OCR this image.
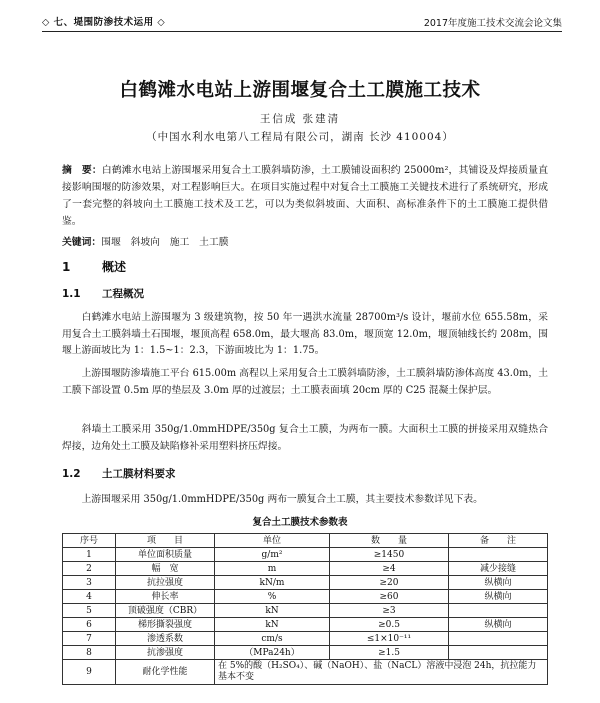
◇ 七、堤围防渗技术运用 ◇	2017年度施工技术交流会论文集
白鹤滩水电站上游围堰复合土工膜施工技术
王信成 张建清
（中国水利水电第八工程局有限公司，湖南 长沙 410004）
摘　要：白鹤滩水电站上游围堰采用复合土工膜斜墙防渗，土工膜铺设面积约 25000m²，其铺设及焊接质量直接影响围堰的防渗效果，对工程影响巨大。在项目实施过程中对复合土工膜施工关键技术进行了系统研究，形成了一套完整的斜坡向土工膜施工技术及工艺，可以为类似斜坡面、大面积、高标准条件下的土工膜施工提供借鉴。
关键词：围堰　斜坡向　施工　土工膜
1	概述
1.1 工程概况
白鹤滩水电站上游围堰为 3 级建筑物，按 50 年一遇洪水流量 28700m³/s 设计，堰前水位 655.58m，采用复合土工膜斜墙土石围堰，堰顶高程 658.0m，最大堰高 83.0m，堰顶宽 12.0m，堰顶轴线长约 208m，围堰上游面坡比为 1：1.5~1：2.3，下游面坡比为 1：1.75。
上游围堰防渗墙施工平台 615.00m 高程以上采用复合土工膜斜墙防渗，土工膜斜墙防渗体高度 43.0m，土工膜下部设置 0.5m 厚的垫层及 3.0m 厚的过渡层；土工膜表面填 20cm 厚的 C25 混凝土保护层。
斜墙土工膜采用 350g/1.0mmHDPE/350g 复合土工膜，为两布一膜。大面积土工膜的拼接采用双缝热合焊接，边角处土工膜及缺陷修补采用塑料挤压焊接。
1.2 土工膜材料要求
上游围堰采用 350g/1.0mmHDPE/350g 两布一膜复合土工膜，其主要技术参数详见下表。
复合土工膜技术参数表
序号	项　　目	单位	数　　量	备　　注
1	单位面积质量	g/m²	≥1450	
2	幅　宽	m	≥4	减少接缝
3	抗拉强度	kN/m	≥20	纵横向
4	伸长率	%	≥60	纵横向
5	顶破强度（CBR）	kN	≥3	
6	梯形撕裂强度	kN	≥0.5	纵横向
7	渗透系数	cm/s	≤1×10⁻¹¹	
8	抗渗强度	（MPa24h）	≥1.5	
9	耐化学性能	在 5%的酸（H₂SO₄）、碱（NaOH）、盐（NaCL）溶液中浸泡 24h，抗拉能力基本不变		
